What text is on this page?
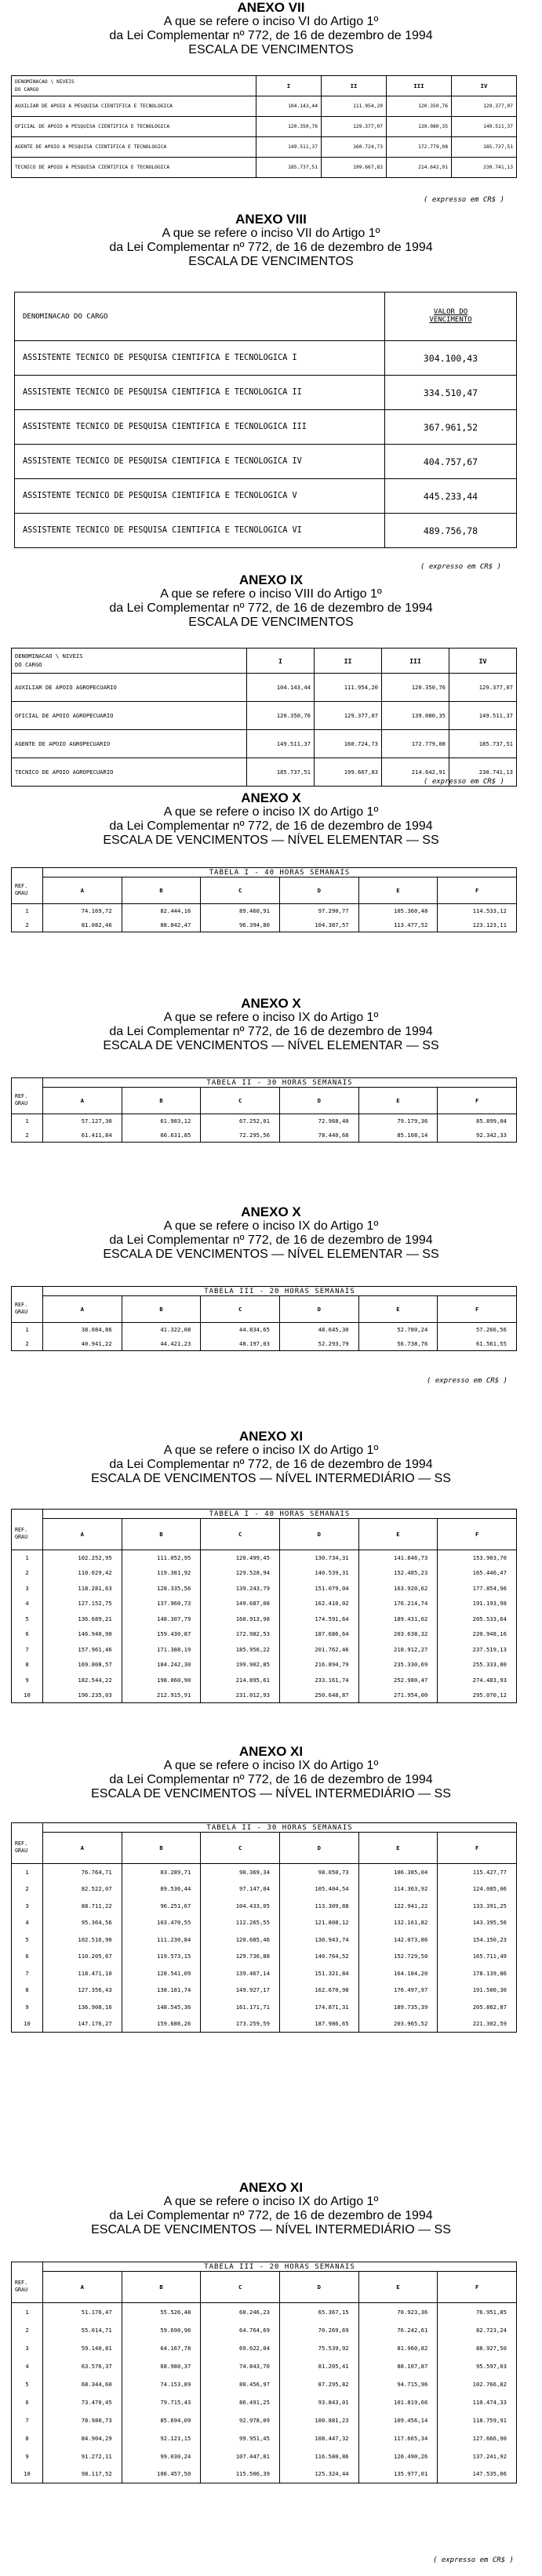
ANEXO VII
A que se refere o inciso VI do Artigo 1º
da Lei Complementar nº 772, de 16 de dezembro de 1994
ESCALA DE VENCIMENTOS
DENOMINACAO \ NIVEIS
DO CARGO	I	II	III	IV
AUXILIAR DE APOIO A PESQUISA CIENTIFICA E TECNOLOGICA	104.143,44	111.954,20	120.350,76	129.377,07
OFICIAL DE APOIO A PESQUISA CIENTIFICA E TECNOLOGICA	120.350,76	129.377,07	139.080,35	149.511,37
AGENTE DE APOIO A PESQUISA CIENTIFICA E TECNOLOGICA	149.511,37	160.724,73	172.779,08	185.737,51
TECNICO DE APOIO A PESQUISA CIENTIFICA E TECNOLOGICA	185.737,51	199.667,83	214.642,91	230.741,13
( expresso em CR$ )
ANEXO VIII
A que se refere o inciso VII do Artigo 1º
da Lei Complementar nº 772, de 16 de dezembro de 1994
ESCALA DE VENCIMENTOS
DENOMINACAO DO CARGO	VALOR DO
VENCIMENTO

ASSISTENTE TECNICO DE PESQUISA CIENTIFICA E TECNOLOGICA I	304.100,43
ASSISTENTE TECNICO DE PESQUISA CIENTIFICA E TECNOLOGICA II	334.510,47
ASSISTENTE TECNICO DE PESQUISA CIENTIFICA E TECNOLOGICA III	367.961,52
ASSISTENTE TECNICO DE PESQUISA CIENTIFICA E TECNOLOGICA IV	404.757,67
ASSISTENTE TECNICO DE PESQUISA CIENTIFICA E TECNOLOGICA V	445.233,44
ASSISTENTE TECNICO DE PESQUISA CIENTIFICA E TECNOLOGICA VI	489.756,78
( expresso em CR$ )
ANEXO IX
A que se refere o inciso VIII do Artigo 1º
da Lei Complementar nº 772, de 16 de dezembro de 1994
ESCALA DE VENCIMENTOS
DENOMINACAO \ NIVEIS
DO CARGO	I	II	III	IV
AUXILIAR DE APOIO AGROPECUARIO	104.143,44	111.954,20	120.350,76	129.377,07
OFICIAL DE APOIO AGROPECUARIO	120.350,76	129.377,07	139.080,35	149.511,37
AGENTE DE APOIO AGROPECUARIO	149.511,37	160.724,73	172.779,08	185.737,51
TECNICO DE APOIO AGROPECUARIO	185.737,51	199.667,83	214.642,91	230.741,13
( expresso em CR$ )
ANEXO X
A que se refere o inciso IX do Artigo 1º
da Lei Complementar nº 772, de 16 de dezembro de 1994
ESCALA DE VENCIMENTOS — NÍVEL ELEMENTAR — SS
	TABELA I - 40 HORAS SEMANAIS					

REF.
GRAU	A	B	C	D	E	F
1	74.169,72	82.444,16	89.460,91	97.290,77	105.360,48	114.533,12
2	81.082,46	88.842,47	96.394,80	104.387,57	113.477,52	123.123,11
ANEXO X
A que se refere o inciso IX do Artigo 1º
da Lei Complementar nº 772, de 16 de dezembro de 1994
ESCALA DE VENCIMENTOS — NÍVEL ELEMENTAR — SS
	TABELA II - 30 HORAS SEMANAIS					

REF.
GRAU	A	B	C	D	E	F
1	57.127,30	61.983,12	67.252,01	72.968,40	79.179,36	85.899,04
2	61.411,84	66.631,85	72.295,56	78.440,68	85.108,14	92.342,33
ANEXO X
A que se refere o inciso IX do Artigo 1º
da Lei Complementar nº 772, de 16 de dezembro de 1994
ESCALA DE VENCIMENTOS — NÍVEL ELEMENTAR — SS
	TABELA III - 20 HORAS SEMANAIS					

REF.
GRAU	A	B	C	D	E	F
1	38.084,86	41.322,08	44.834,65	48.645,30	52.780,24	57.266,56
2	40.941,22	44.421,23	48.197,03	52.293,79	56.738,76	61.561,55
( expresso em CR$ )
ANEXO XI
A que se refere o inciso IX do Artigo 1º
da Lei Complementar nº 772, de 16 de dezembro de 1994
ESCALA DE VENCIMENTOS — NÍVEL INTERMEDIÁRIO — SS
	TABELA I - 40 HORAS SEMANAIS					

REF.
GRAU	A	B	C	D	E	F
1	102.252,95	111.052,95	120.499,45	130.734,31	141.846,73	153.903,70
2	110.029,42	119.381,92	129.528,94	140.539,31	152.485,23	165.446,47
3	118.281,63	128.335,56	139.243,79	151.079,04	163.920,62	177.854,96
4	127.152,75	137.960,73	149.687,08	162.410,02	176.214,74	191.193,98
5	136.689,21	148.307,79	160.913,98	174.591,64	189.431,02	205.533,64
6	146.940,90	159.430,87	172.982,53	187.686,64	203.638,32	220.948,16
7	157.961,46	171.388,19	185.956,22	201.762,46	218.912,27	237.519,13
8	169.808,57	184.242,30	199.902,85	216.894,79	235.330,69	255.333,80
9	182.544,22	198.060,90	214.895,61	233.161,74	252.980,47	274.483,93
10	196.235,03	212.915,91	231.012,93	250.648,87	271.954,00	295.070,12
ANEXO XI
A que se refere o inciso IX do Artigo 1º
da Lei Complementar nº 772, de 16 de dezembro de 1994
ESCALA DE VENCIMENTOS — NÍVEL INTERMEDIÁRIO — SS
	TABELA II - 30 HORAS SEMANAIS					

REF.
GRAU	A	B	C	D	E	F
1	76.764,71	83.289,71	90.369,34	98.050,73	106.385,04	115.427,77
2	82.522,07	89.536,44	97.147,04	105.404,54	114.363,92	124.085,06
3	88.711,22	96.251,67	104.433,05	113.309,88	122.941,22	133.391,25
4	95.364,56	103.470,55	112.265,55	121.808,12	132.161,82	143.395,56
5	102.516,90	111.230,84	120.685,46	130.943,74	142.073,86	154.150,23
6	110.205,67	119.573,15	129.736,88	140.764,52	152.729,50	165.711,49
7	118.471,10	128.541,09	139.467,14	151.321,84	164.184,20	178.139,86
8	127.356,43	138.181,74	149.927,17	162.670,98	176.497,97	191.500,30
9	136.908,16	148.545,36	161.171,71	174.871,31	189.735,39	205.862,87
10	147.176,27	159.686,26	173.259,59	187.986,65	203.965,52	221.302,59
ANEXO XI
A que se refere o inciso IX do Artigo 1º
da Lei Complementar nº 772, de 16 de dezembro de 1994
ESCALA DE VENCIMENTOS — NÍVEL INTERMEDIÁRIO — SS
	TABELA III - 20 HORAS SEMANAIS					

REF.
GRAU	A	B	C	D	E	F
1	51.176,47	55.526,48	60.246,23	65.367,15	70.923,36	76.951,85
2	55.014,71	59.690,96	64.764,69	70.269,69	76.242,61	82.723,24
3	59.140,81	64.167,78	69.622,04	75.539,92	81.960,82	88.927,50
4	63.576,37	68.980,37	74.843,70	81.205,41	88.107,87	95.597,03
5	68.344,60	74.153,89	80.456,97	87.295,82	94.715,96	102.766,82
6	73.470,45	79.715,43	86.491,25	93.843,01	101.819,66	110.474,33
7	78.980,73	85.694,09	92.978,09	100.881,23	109.456,14	118.759,91
8	84.904,29	92.121,15	99.951,45	108.447,32	117.665,34	127.666,90
9	91.272,11	99.030,24	107.447,81	116.580,86	126.490,26	137.241,92
10	98.117,52	106.457,50	115.506,39	125.324,44	135.977,01	147.535,06
( expresso em CR$ )
